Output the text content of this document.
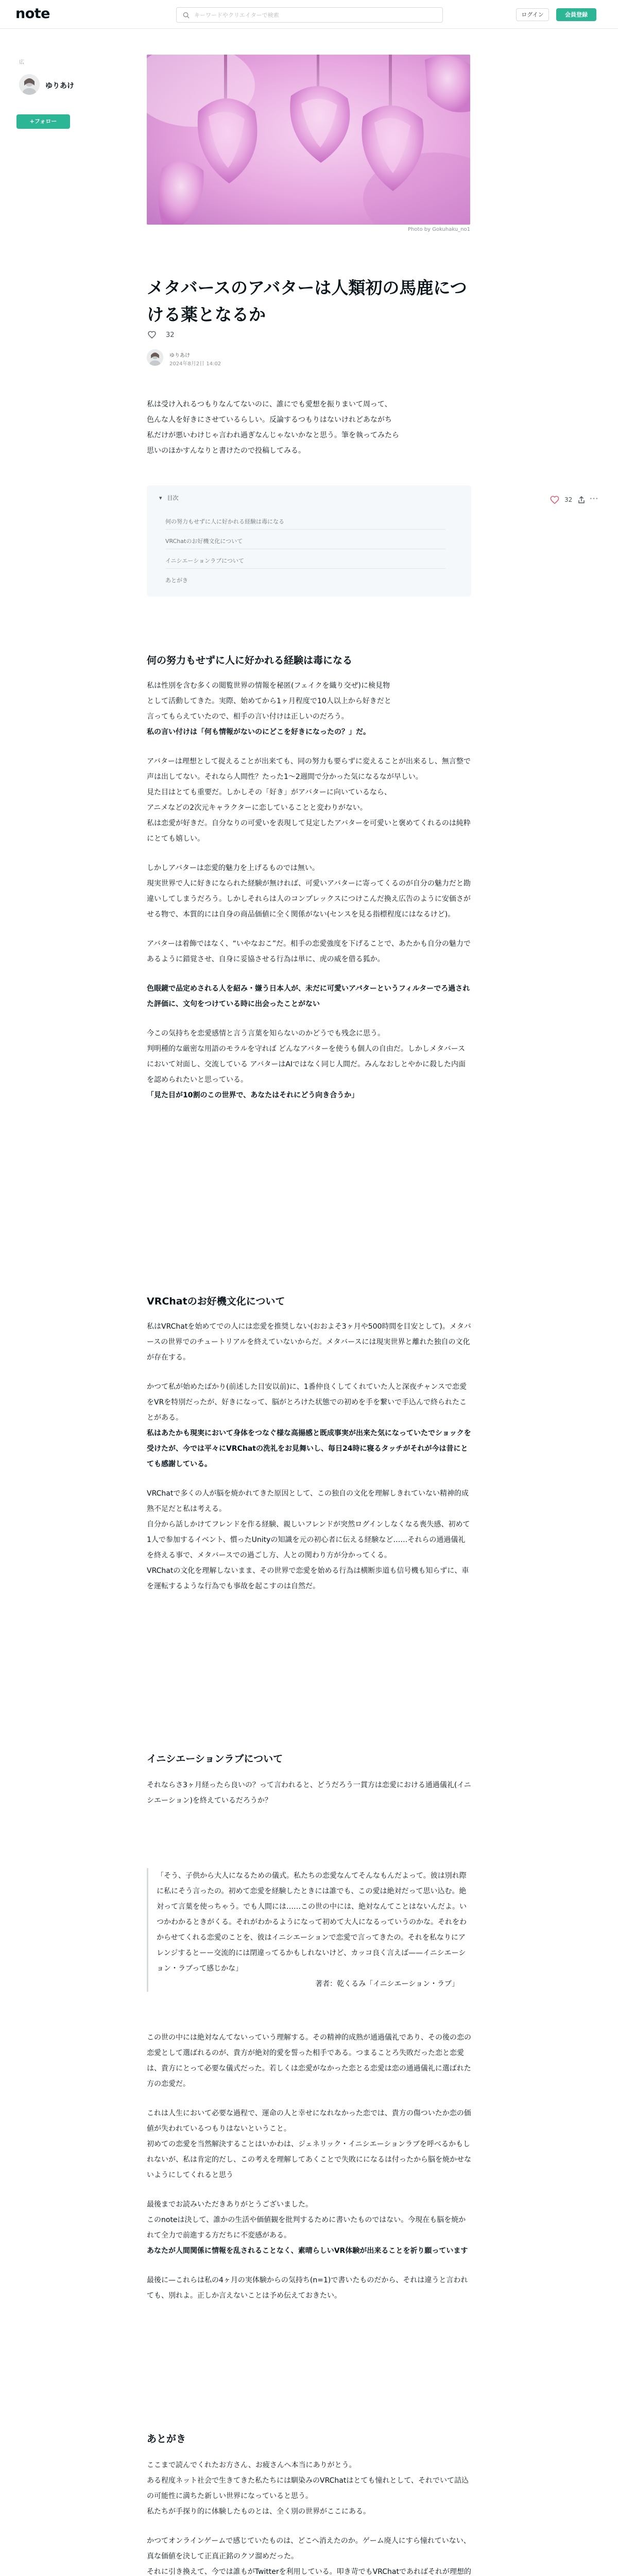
note
キーワードやクリエイターで検索	ログイン	会員登録
広
ゆりあけ
+フォロー
Photo by Gokuhaku_no1
メタバースのアバターは人類初の馬鹿につける薬となるか
32
ゆりあけ
2024年8月2日 14:02

私は受け入れるつもりなんてないのに、誰にでも愛想を振りまいて周って、
色んな人を好きにさせているらしい。反論するつもりはないけれどあながち
私だけが悪いわけじゃ言われ過ぎなんじゃないかなと思う。筆を執ってみたら
思いのほかすんなりと書けたので投稿してみる。

▾ 目次
何の努力もせずに人に好かれる経験は毒になる
VRChatのお好機文化について
イニシエーションラブについて
あとがき
32 ···
何の努力もせずに人に好かれる経験は毒になる

私は性別を含む多くの閲覧世界の情報を秘匿(フェイクを織り交ぜ)に検見物
として活動してきた。実際、始めてから1ヶ月程度で10人以上から好きだと
言ってもらえていたので、相手の言い付けは正しいのだろう。
私の言い付けは「何も情報がないのにどこを好きになったの？」だ。

アバターは理想として捉えることが出来ても、同の努力も要らずに変えることが出来るし、無言整で声は出してない。それなら人間性？たった1〜2週間で分かった気になるなが早しい。
見た目はとても重要だ。しかしその「好き」がアバターに向いているなら、
アニメなどの2次元キャラクターに恋していることと変わりがない。
私は恋愛が好きだ。自分なりの可愛いを表現して見定したアバターを可愛いと褒めてくれるのは純粋にとても嬉しい。

しかしアバターは恋愛的魅力を上げるものでは無い。
現実世界で人に好きになられた経験が無ければ、可愛いアバターに寄ってくるのが自分の魅力だと勘違いしてしまうだろう。しかしそれらは人のコンプレックスにつけこんだ換え広告のように安価さがせる物で、本質的には自身の商品価値に全く関係がない(センスを見る指標程度にはなるけど)。

アバターは着飾ではなく、“いやなおこ”だ。相手の恋愛強度を下げることで、あたかも自分の魅力であるように錯覚させ、自身に妥協させる行為は単に、虎の威を借る狐か。

色眼鏡で品定めされる人を紹み・嫌う日本人が、未だに可愛いアバターというフィルターでろ過された評価に、文句をつけている時に出会ったことがない

今この気持ちを恋愛感情と言う言葉を知らないのかどうでも残念に思う。
判明種的な厳密な用語のモラルを守れば どんなアバターを使うも個人の自由だ。しかしメタバースにおいて対面し、交流している アバターはAIではなく同じ人間だ。みんなおしとやかに殺した内面を認められたいと思っている。
「見た目が10割のこの世界で、あなたはそれにどう向き合うか」

VRChatのお好機文化について

私はVRChatを始めてでの人には恋愛を推奨しない(おおよそ3ヶ月や500時間を目安として)。メタバースの世界でのチュートリアルを終えていないからだ。メタバースには現実世界と離れた独自の文化が存在する。

かつて私が始めたばかり(前述した目安以前)に、1番仲良くしてくれていた人と深夜チャンスで恋愛をVRを特別だったが、好きになって、脳がとろけた状態での初めを手を繋いで手込んで終られたことがある。
私はあたかも現実において身体をつなぐ様な高揚感と既成事実が出来た気になっていたでショックを受けたが、今では平々にVRChatの洗礼をお見舞いし、毎日24時に寝るタッチがそれが今は昔にとても感謝している。

VRChatで多くの人が脳を焼かれてきた原因として、この独自の文化を理解しきれていない精神的成熟不足だと私は考える。
自分から話しかけてフレンドを作る経験、親しいフレンドが突然ログインしなくなる喪失感、初めて1人で参加するイベント、慣ったUnityの知識を元の初心者に伝える経験など……それらの通過儀礼を終える事で、メタバースでの過ごし方、人との関わり方が分かってくる。
VRChatの文化を理解しないまま、その世界で恋愛を始める行為は横断歩道も信号機も知らずに、車を運転するような行為でも事故を起こすのは自然だ。

イニシエーションラブについて

それならさ3ヶ月経ったら良いの？って言われると、どうだろう一貫方は恋愛における通過儀礼(イニシエーション)を終えているだろうか？

「そう、子供から大人になるための儀式。私たちの恋愛なんてそんなもんだよって。彼は別れ際に私にそう言ったの。初めて恋愛を経験したときには誰でも、この愛は絶対だって思い込む。絶対って言葉を使っちゃう。でも人間には……この世の中には、絶対なんてことはないんだよ。いつかわかるときがくる。それがわかるようになって初めて大人になるっていうのかな。それをわからせてくれる恋愛のことを、彼はイニシエーションで恋愛で言ってきたの。それを私なりにアレンジするとーー交流的には閉違ってるかもしれないけど、カッコ良く言えば——イニシエーション・ラブって感じかな」

著者：乾くるみ「イニシエーション・ラブ」

この世の中には絶対なんてないっていう理解する。その精神的成熟が通過儀礼であり、その後の恋の恋愛として選ばれるのが、貴方が絶対的愛を誓った相手である。つまることろ失敗だった恋と恋愛は、貴方にとって必要な儀式だった。若しくは恋愛がなかった恋とる恋愛は恋の通過儀礼に選ばれた方の恋愛だ。

これは人生において必要な過程で、運命の人と幸せになれなかった恋では、貴方の傷ついたか恋の価値が失われているつもりはないということ。
初めての恋愛を当然解決することはいかわは、ジェネリック・イニシエーションラブを呼べるかもしれないが、私は肯定的だし、この考えを理解してあくことで失敗にになるは付ったから脳を焼かせないようにしてくれると思う

最後までお読みいただきありがとうございました。
このnoteは決して、誰かの生活や価値観を批判するために書いたものではない。今現在も脳を焼かれて全力で前進する方だちに不変感がある。
あなたが人間関係に情報を乱されることなく、素晴らしいVR体験が出来ることを祈り願っています

最後に—これらは私の4ヶ月の実体験からの気持ち(n=1)で書いたものだから、それは違うと言われても、別れよ。正しか言えないことは予め伝えておきたい。

あとがき

ここまで読んでくれたお方さん、お疲さんへ本当にありがとう。
ある程度ネット社会で生きてきた私たちには馴染みのVRChatはとても憧れとして、それでいて詰込の可能性に満ちた新しい世界になっていると思う。
私たちが手探り的に体験したものとは、全く別の世界がここにある。

かつてオンラインゲームで感じていたものは、どこへ消えたのか。ゲーム廃人にすら憧れていない、真な価値を決して正真正銘のクソ溜めだった。
それに引き換えて、今では誰もがTwitterを利用している。叩き苛でもVRChatであればそれが理想的
